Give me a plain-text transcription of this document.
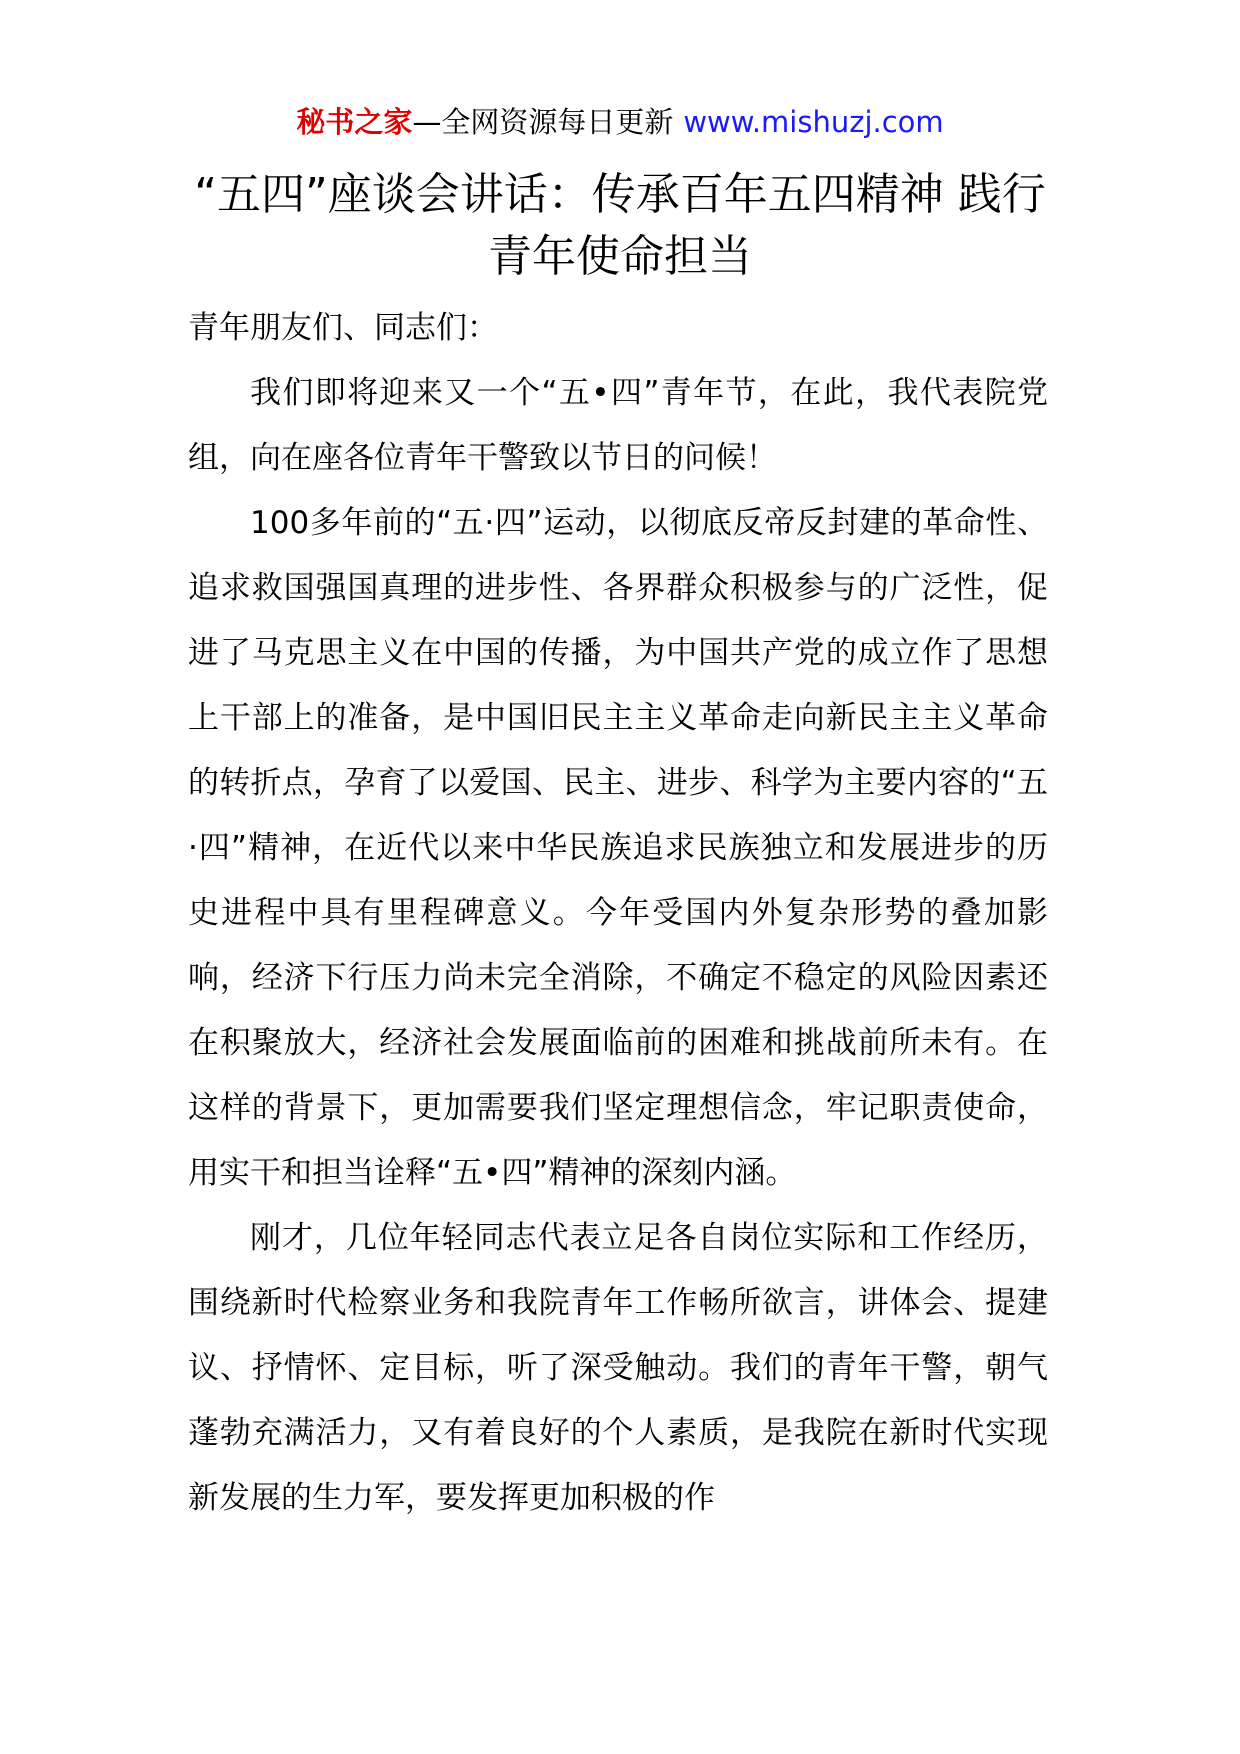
秘书之家—全网资源每日更新 www.mishuzj.com
“五四”座谈会讲话：传承百年五四精神 践行青年使命担当

青年朋友们、同志们：

我们即将迎来又一个“五•四”青年节，在此，我代表院党组，向在座各位青年干警致以节日的问候！

100多年前的“五·四”运动，以彻底反帝反封建的革命性、追求救国强国真理的进步性、各界群众积极参与的广泛性，促进了马克思主义在中国的传播，为中国共产党的成立作了思想上干部上的准备，是中国旧民主主义革命走向新民主主义革命的转折点，孕育了以爱国、民主、进步、科学为主要内容的“五·四”精神，在近代以来中华民族追求民族独立和发展进步的历史进程中具有里程碑意义。今年受国内外复杂形势的叠加影响，经济下行压力尚未完全消除，不确定不稳定的风险因素还在积聚放大，经济社会发展面临前的困难和挑战前所未有。在这样的背景下，更加需要我们坚定理想信念，牢记职责使命，用实干和担当诠释“五•四”精神的深刻内涵。

刚才，几位年轻同志代表立足各自岗位实际和工作经历，围绕新时代检察业务和我院青年工作畅所欲言，讲体会、提建议、抒情怀、定目标，听了深受触动。我们的青年干警，朝气蓬勃充满活力，又有着良好的个人素质，是我院在新时代实现新发展的生力军，要发挥更加积极的作
